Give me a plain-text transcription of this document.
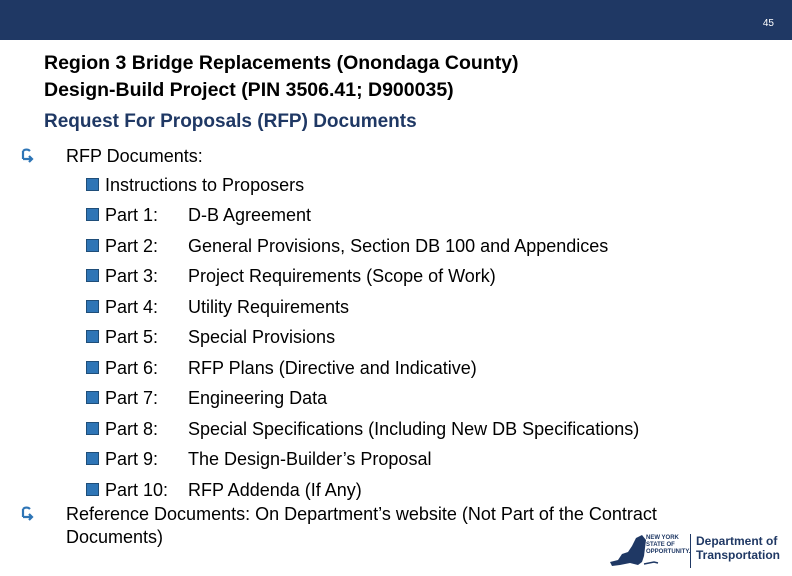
45
Region 3 Bridge Replacements (Onondaga County)
Design-Build Project (PIN 3506.41; D900035)
Request For Proposals (RFP) Documents
RFP Documents:
Instructions to Proposers
Part 1: D-B Agreement
Part 2: General Provisions, Section DB 100 and Appendices
Part 3: Project Requirements (Scope of Work)
Part 4: Utility Requirements
Part 5: Special Provisions
Part 6: RFP Plans (Directive and Indicative)
Part 7: Engineering Data
Part 8: Special Specifications (Including New DB Specifications)
Part 9: The Design-Builder’s Proposal
Part 10: RFP Addenda (If Any)
Reference Documents: On Department’s website (Not Part of the Contract Documents)	NEW YORK
STATE OF
OPPORTUNITY.
Department of
Transportation
